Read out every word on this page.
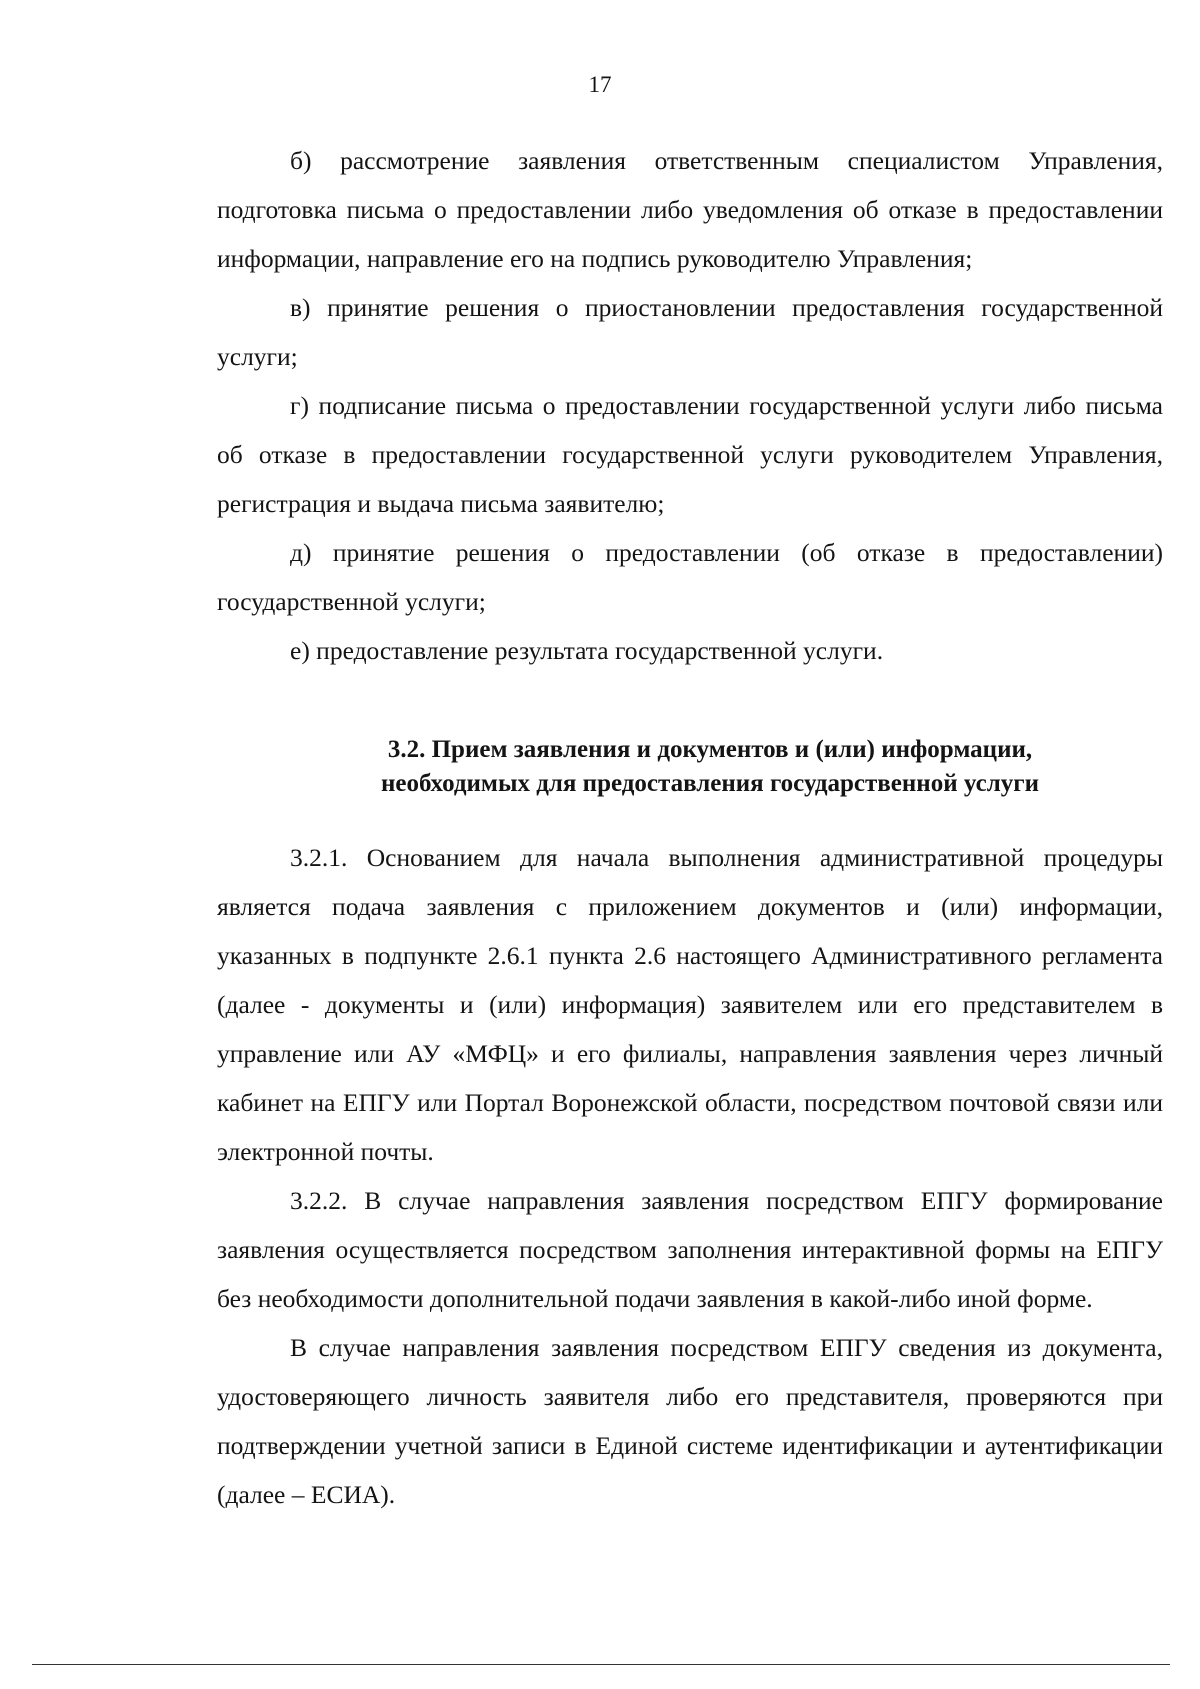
17

б) рассмотрение заявления ответственным специалистом Управления, подготовка письма о предоставлении либо уведомления об отказе в предоставлении информации, направление его на подпись руководителю Управления;

в) принятие решения о приостановлении предоставления государственной услуги;

г) подписание письма о предоставлении государственной услуги либо письма об отказе в предоставлении государственной услуги руководителем Управления, регистрация и выдача письма заявителю;

д) принятие решения о предоставлении (об отказе в предоставлении) государственной услуги;

е) предоставление результата государственной услуги.

3.2. Прием заявления и документов и (или) информации,
необходимых для предоставления государственной услуги

3.2.1. Основанием для начала выполнения административной процедуры является подача заявления с приложением документов и (или) информации, указанных в подпункте 2.6.1 пункта 2.6 настоящего Административного регламента (далее - документы и (или) информация) заявителем или его представителем в управление или АУ «МФЦ» и его филиалы, направления заявления через личный кабинет на ЕПГУ или Портал Воронежской области, посредством почтовой связи или электронной почты.

3.2.2. В случае направления заявления посредством ЕПГУ формирование заявления осуществляется посредством заполнения интерактивной формы на ЕПГУ без необходимости дополнительной подачи заявления в какой-либо иной форме.

В случае направления заявления посредством ЕПГУ сведения из документа, удостоверяющего личность заявителя либо его представителя, проверяются при подтверждении учетной записи в Единой системе идентификации и аутентификации (далее – ЕСИА).
